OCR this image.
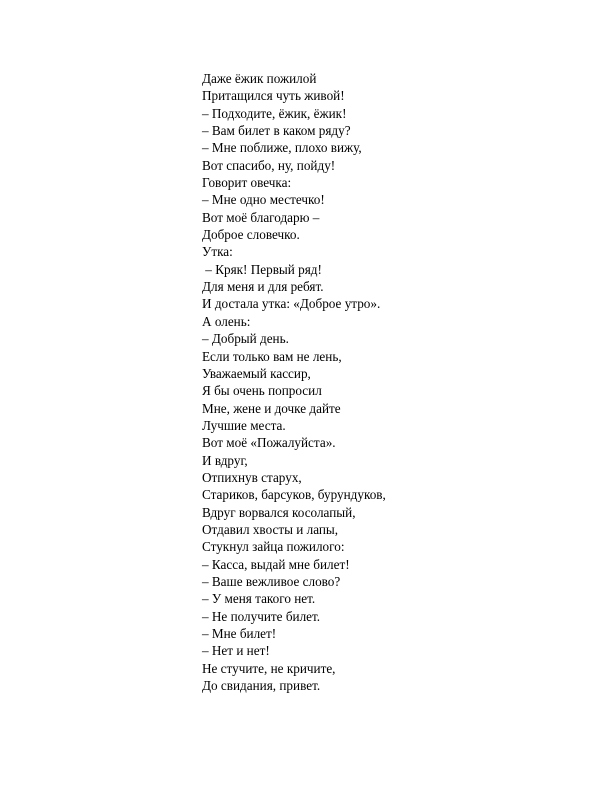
Даже ёжик пожилой
Притащился чуть живой!
– Подходите, ёжик, ёжик!
– Вам билет в каком ряду?
– Мне поближе, плохо вижу,
Вот спасибо, ну, пойду!
Говорит овечка:
– Мне одно местечко!
Вот моё благодарю –
Доброе словечко.
Утка:
– Кряк! Первый ряд!
Для меня и для ребят.
И достала утка: «Доброе утро».
А олень:
– Добрый день.
Если только вам не лень,
Уважаемый кассир,
Я бы очень попросил
Мне, жене и дочке дайте
Лучшие места.
Вот моё «Пожалуйста».
И вдруг,
Отпихнув старух,
Стариков, барсуков, бурундуков,
Вдруг ворвался косолапый,
Отдавил хвосты и лапы,
Стукнул зайца пожилого:
– Касса, выдай мне билет!
– Ваше вежливое слово?
– У меня такого нет.
– Не получите билет.
– Мне билет!
– Нет и нет!
Не стучите, не кричите,
До свидания, привет.
